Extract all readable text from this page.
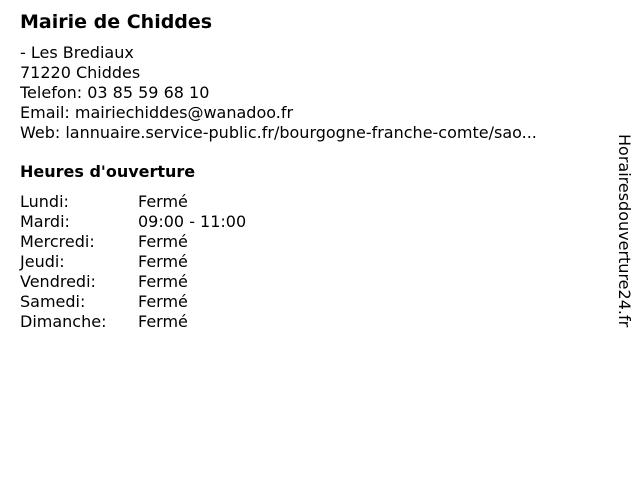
Mairie de Chiddes
- Les Brediaux
71220 Chiddes
Telefon: 03 85 59 68 10
Email: mairiechiddes@wanadoo.fr
Web: lannuaire.service-public.fr/bourgogne-franche-comte/sao...
Heures d'ouverture
Lundi:	Fermé
Mardi:	09:00 - 11:00
Mercredi:	Fermé
Jeudi:	Fermé
Vendredi:	Fermé
Samedi:	Fermé
Dimanche:	Fermé	Horairesdouverture24.fr
